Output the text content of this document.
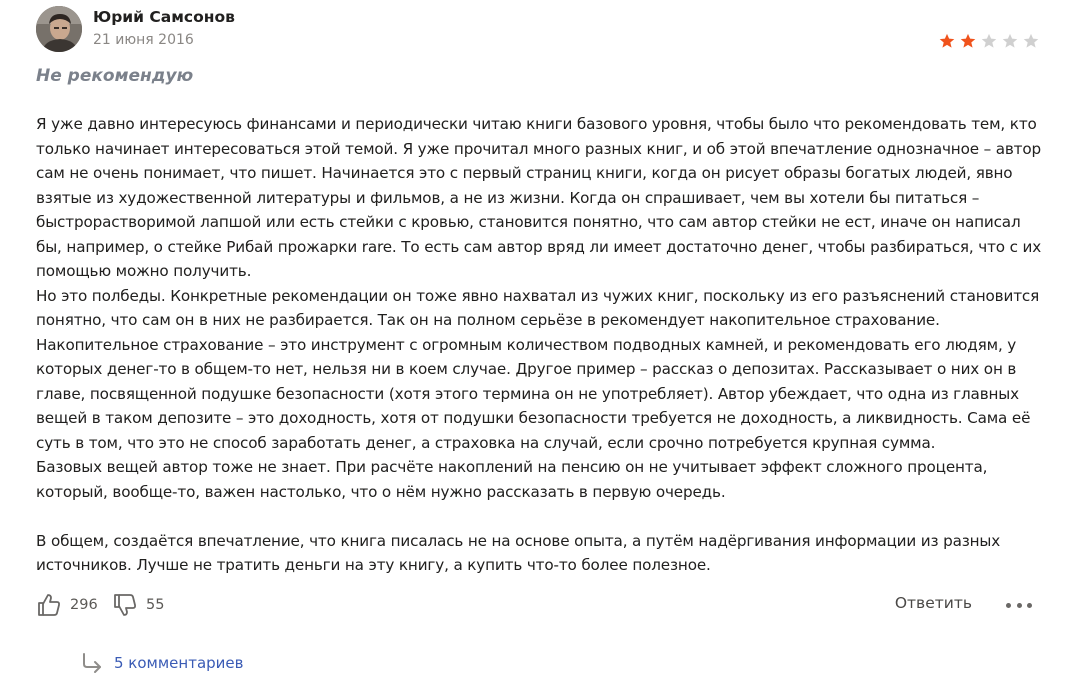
Юрий Самсонов
21 июня 2016
Не рекомендую

Я уже давно интересуюсь финансами и периодически читаю книги базового уровня, чтобы было что рекомендовать тем, кто только начинает интересоваться этой темой. Я уже прочитал много разных книг, и об этой впечатление однозначное – автор сам не очень понимает, что пишет. Начинается это с первый страниц книги, когда он рисует образы богатых людей, явно взятые из художественной литературы и фильмов, а не из жизни. Когда он спрашивает, чем вы хотели бы питаться – быстрорастворимой лапшой или есть стейки с кровью, становится понятно, что сам автор стейки не ест, иначе он написал бы, например, о стейке Рибай прожарки rare. То есть сам автор вряд ли имеет достаточно денег, чтобы разбираться, что с их помощью можно получить.

Но это полбеды. Конкретные рекомендации он тоже явно нахватал из чужих книг, поскольку из его разъяснений становится понятно, что сам он в них не разбирается. Так он на полном серьёзе в рекомендует накопительное страхование.

Накопительное страхование – это инструмент с огромным количеством подводных камней, и рекомендовать его людям, у которых денег-то в общем-то нет, нельзя ни в коем случае. Другое пример – рассказ о депозитах. Рассказывает о них он в главе, посвященной подушке безопасности (хотя этого термина он не употребляет). Автор убеждает, что одна из главных вещей в таком депозите – это доходность, хотя от подушки безопасности требуется не доходность, а ликвидность. Сама её суть в том, что это не способ заработать денег, а страховка на случай, если срочно потребуется крупная сумма.

Базовых вещей автор тоже не знает. При расчёте накоплений на пенсию он не учитывает эффект сложного процента, который, вообще-то, важен настолько, что о нём нужно рассказать в первую очередь.

В общем, создаётся впечатление, что книга писалась не на основе опыта, а путём надёргивания информации из разных источников. Лучше не тратить деньги на эту книгу, а купить что-то более полезное.

296	55	Ответить
5 комментариев
